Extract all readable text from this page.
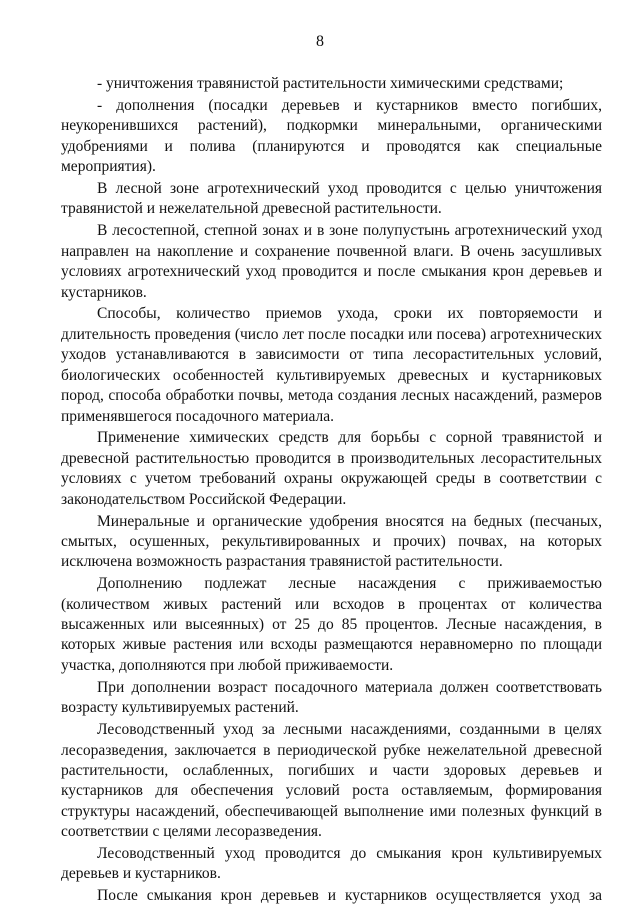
8

- уничтожения травянистой растительности химическими средствами;

- дополнения (посадки деревьев и кустарников вместо погибших, неукоренившихся растений), подкормки минеральными, органическими удобрениями и полива (планируются и проводятся как специальные мероприятия).

В лесной зоне агротехнический уход проводится с целью уничтожения травянистой и нежелательной древесной растительности.

В лесостепной, степной зонах и в зоне полупустынь агротехнический уход направлен на накопление и сохранение почвенной влаги. В очень засушливых условиях агротехнический уход проводится и после смыкания крон деревьев и кустарников.

Способы, количество приемов ухода, сроки их повторяемости и длительность проведения (число лет после посадки или посева) агротехнических уходов устанавливаются в зависимости от типа лесорастительных условий, биологических особенностей культивируемых древесных и кустарниковых пород, способа обработки почвы, метода создания лесных насаждений, размеров применявшегося посадочного материала.

Применение химических средств для борьбы с сорной травянистой и древесной растительностью проводится в производительных лесорастительных условиях с учетом требований охраны окружающей среды в соответствии с законодательством Российской Федерации.

Минеральные и органические удобрения вносятся на бедных (песчаных, смытых, осушенных, рекультивированных и прочих) почвах, на которых исключена возможность разрастания травянистой растительности.

Дополнению подлежат лесные насаждения с приживаемостью (количеством живых растений или всходов в процентах от количества высаженных или высеянных) от 25 до 85 процентов. Лесные насаждения, в которых живые растения или всходы размещаются неравномерно по площади участка, дополняются при любой приживаемости.

При дополнении возраст посадочного материала должен соответствовать возрасту культивируемых растений.

Лесоводственный уход за лесными насаждениями, созданными в целях лесоразведения, заключается в периодической рубке нежелательной древесной растительности, ослабленных, погибших и части здоровых деревьев и кустарников для обеспечения условий роста оставляемым, формирования структуры насаждений, обеспечивающей выполнение ими полезных функций в соответствии с целями лесоразведения.

Лесоводственный уход проводится до смыкания крон культивируемых деревьев и кустарников.

После смыкания крон деревьев и кустарников осуществляется уход за
